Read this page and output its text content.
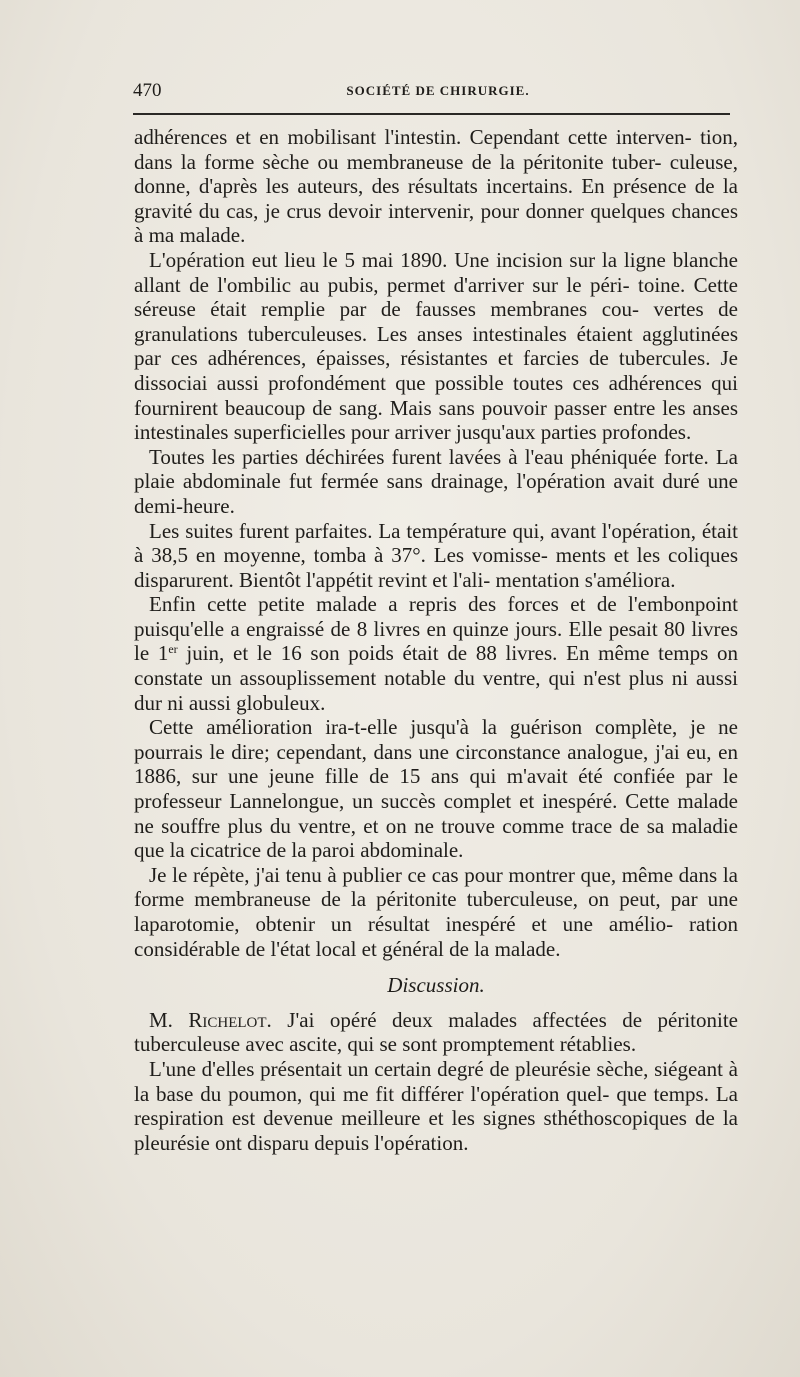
470	SOCIÉTÉ DE CHIRURGIE.

adhérences et en mobilisant l'intestin. Cependant cette interven- tion, dans la forme sèche ou membraneuse de la péritonite tuber- culeuse, donne, d'après les auteurs, des résultats incertains. En présence de la gravité du cas, je crus devoir intervenir, pour donner quelques chances à ma malade.

L'opération eut lieu le 5 mai 1890. Une incision sur la ligne blanche allant de l'ombilic au pubis, permet d'arriver sur le péri- toine. Cette séreuse était remplie par de fausses membranes cou- vertes de granulations tuberculeuses. Les anses intestinales étaient agglutinées par ces adhérences, épaisses, résistantes et farcies de tubercules. Je dissociai aussi profondément que possible toutes ces adhérences qui fournirent beaucoup de sang. Mais sans pouvoir passer entre les anses intestinales superficielles pour arriver jusqu'aux parties profondes.

Toutes les parties déchirées furent lavées à l'eau phéniquée forte. La plaie abdominale fut fermée sans drainage, l'opération avait duré une demi-heure.

Les suites furent parfaites. La température qui, avant l'opération, était à 38,5 en moyenne, tomba à 37°. Les vomisse- ments et les coliques disparurent. Bientôt l'appétit revint et l'ali- mentation s'améliora.

Enfin cette petite malade a repris des forces et de l'embonpoint puisqu'elle a engraissé de 8 livres en quinze jours. Elle pesait 80 livres le 1er juin, et le 16 son poids était de 88 livres. En même temps on constate un assouplissement notable du ventre, qui n'est plus ni aussi dur ni aussi globuleux.

Cette amélioration ira-t-elle jusqu'à la guérison complète, je ne pourrais le dire; cependant, dans une circonstance analogue, j'ai eu, en 1886, sur une jeune fille de 15 ans qui m'avait été confiée par le professeur Lannelongue, un succès complet et inespéré. Cette malade ne souffre plus du ventre, et on ne trouve comme trace de sa maladie que la cicatrice de la paroi abdominale.

Je le répète, j'ai tenu à publier ce cas pour montrer que, même dans la forme membraneuse de la péritonite tuberculeuse, on peut, par une laparotomie, obtenir un résultat inespéré et une amélio- ration considérable de l'état local et général de la malade.

Discussion.

M. Richelot. J'ai opéré deux malades affectées de péritonite tuberculeuse avec ascite, qui se sont promptement rétablies.

L'une d'elles présentait un certain degré de pleurésie sèche, siégeant à la base du poumon, qui me fit différer l'opération quel- que temps. La respiration est devenue meilleure et les signes sthéthoscopiques de la pleurésie ont disparu depuis l'opération.
